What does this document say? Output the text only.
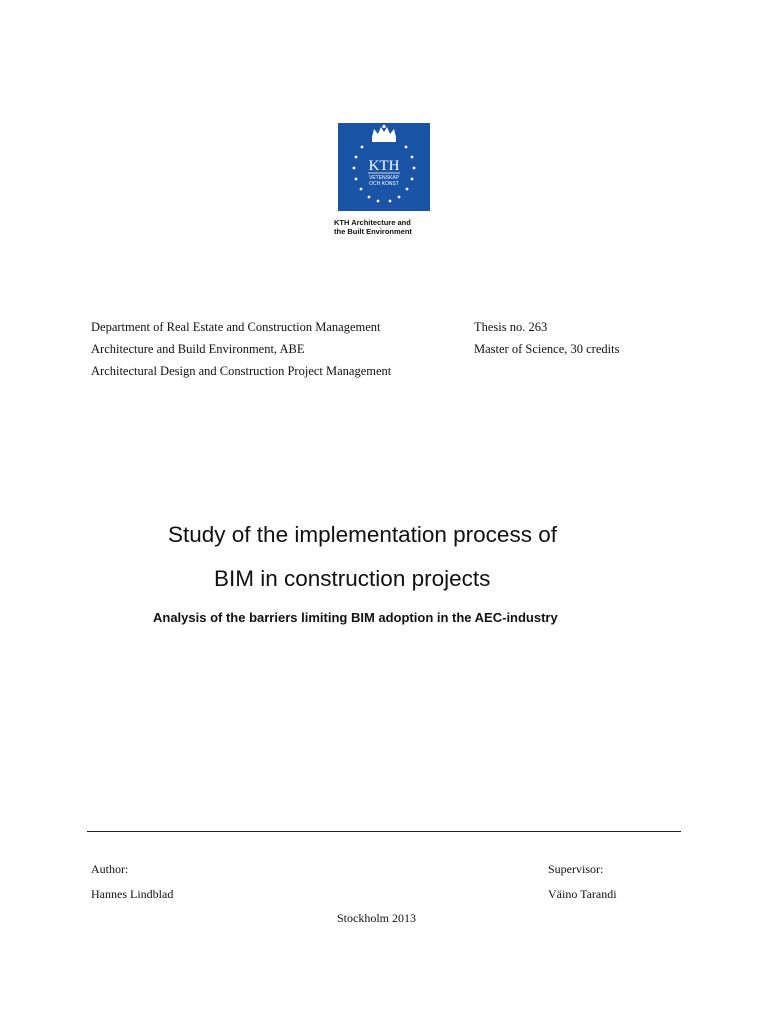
KTH
VETENSKAP
OCH KONST
KTH Architecture and
the Built Environment
Department of Real Estate and Construction Management
Architecture and Build Environment, ABE
Architectural Design and Construction Project Management
Thesis no. 263
Master of Science, 30 credits
Study of the implementation process of
BIM in construction projects
Analysis of the barriers limiting BIM adoption in the AEC-industry
Author:
Hannes Lindblad
Supervisor:
Väino Tarandi
Stockholm 2013
